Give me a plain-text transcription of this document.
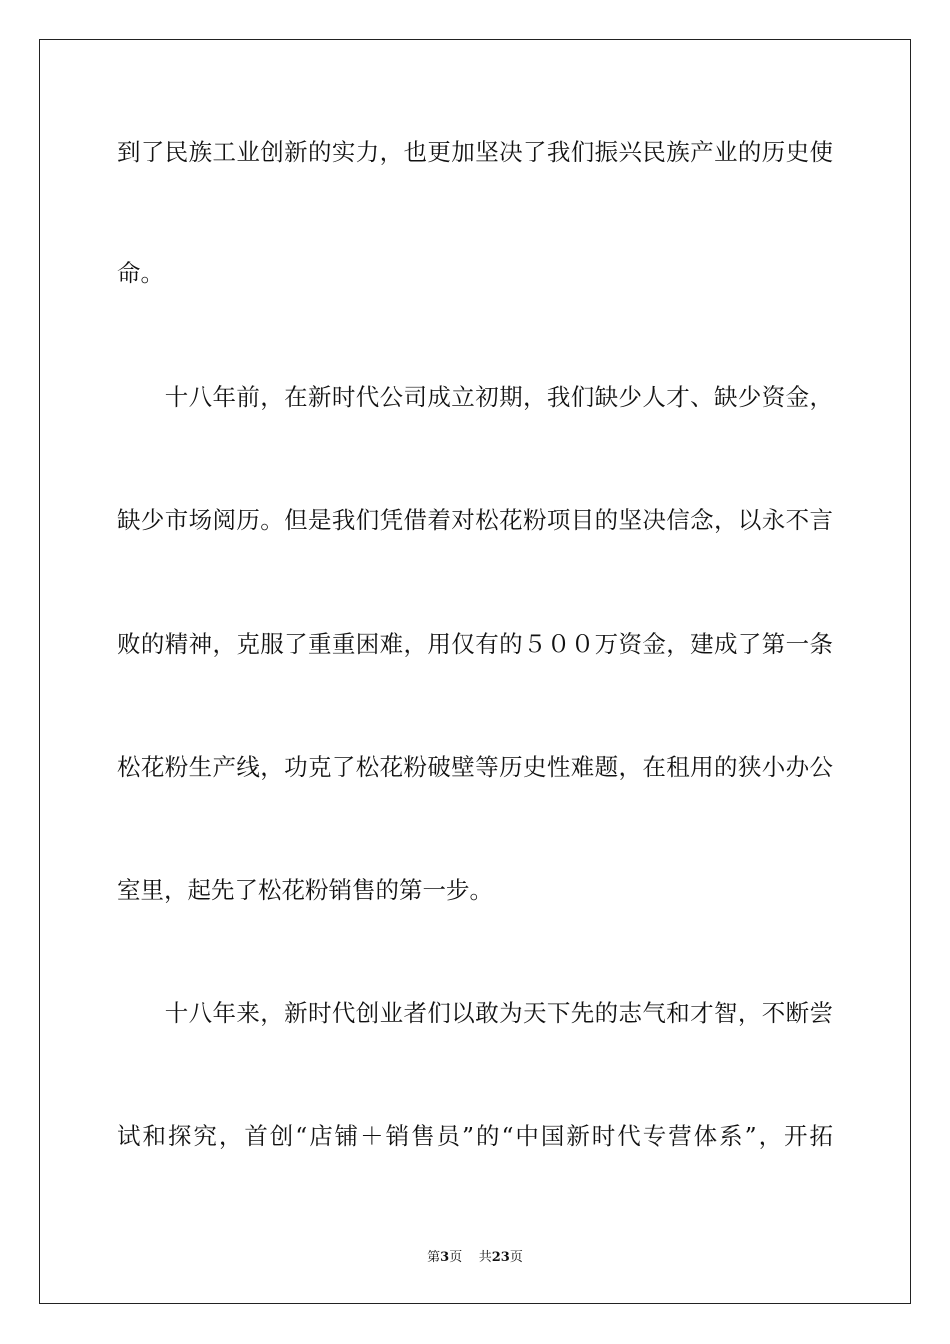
到了民族工业创新的实力，也更加坚决了我们振兴民族产业的历史使
命。
　　十八年前，在新时代公司成立初期，我们缺少人才、缺少资金，
缺少市场阅历。但是我们凭借着对松花粉项目的坚决信念，以永不言
败的精神，克服了重重困难，用仅有的５００万资金，建成了第一条
松花粉生产线，功克了松花粉破壁等历史性难题，在租用的狭小办公
室里，起先了松花粉销售的第一步。
　　十八年来，新时代创业者们以敢为天下先的志气和才智，不断尝
试和探究，首创“店铺＋销售员”的“中国新时代专营体系”，开拓
第3页 共23页
